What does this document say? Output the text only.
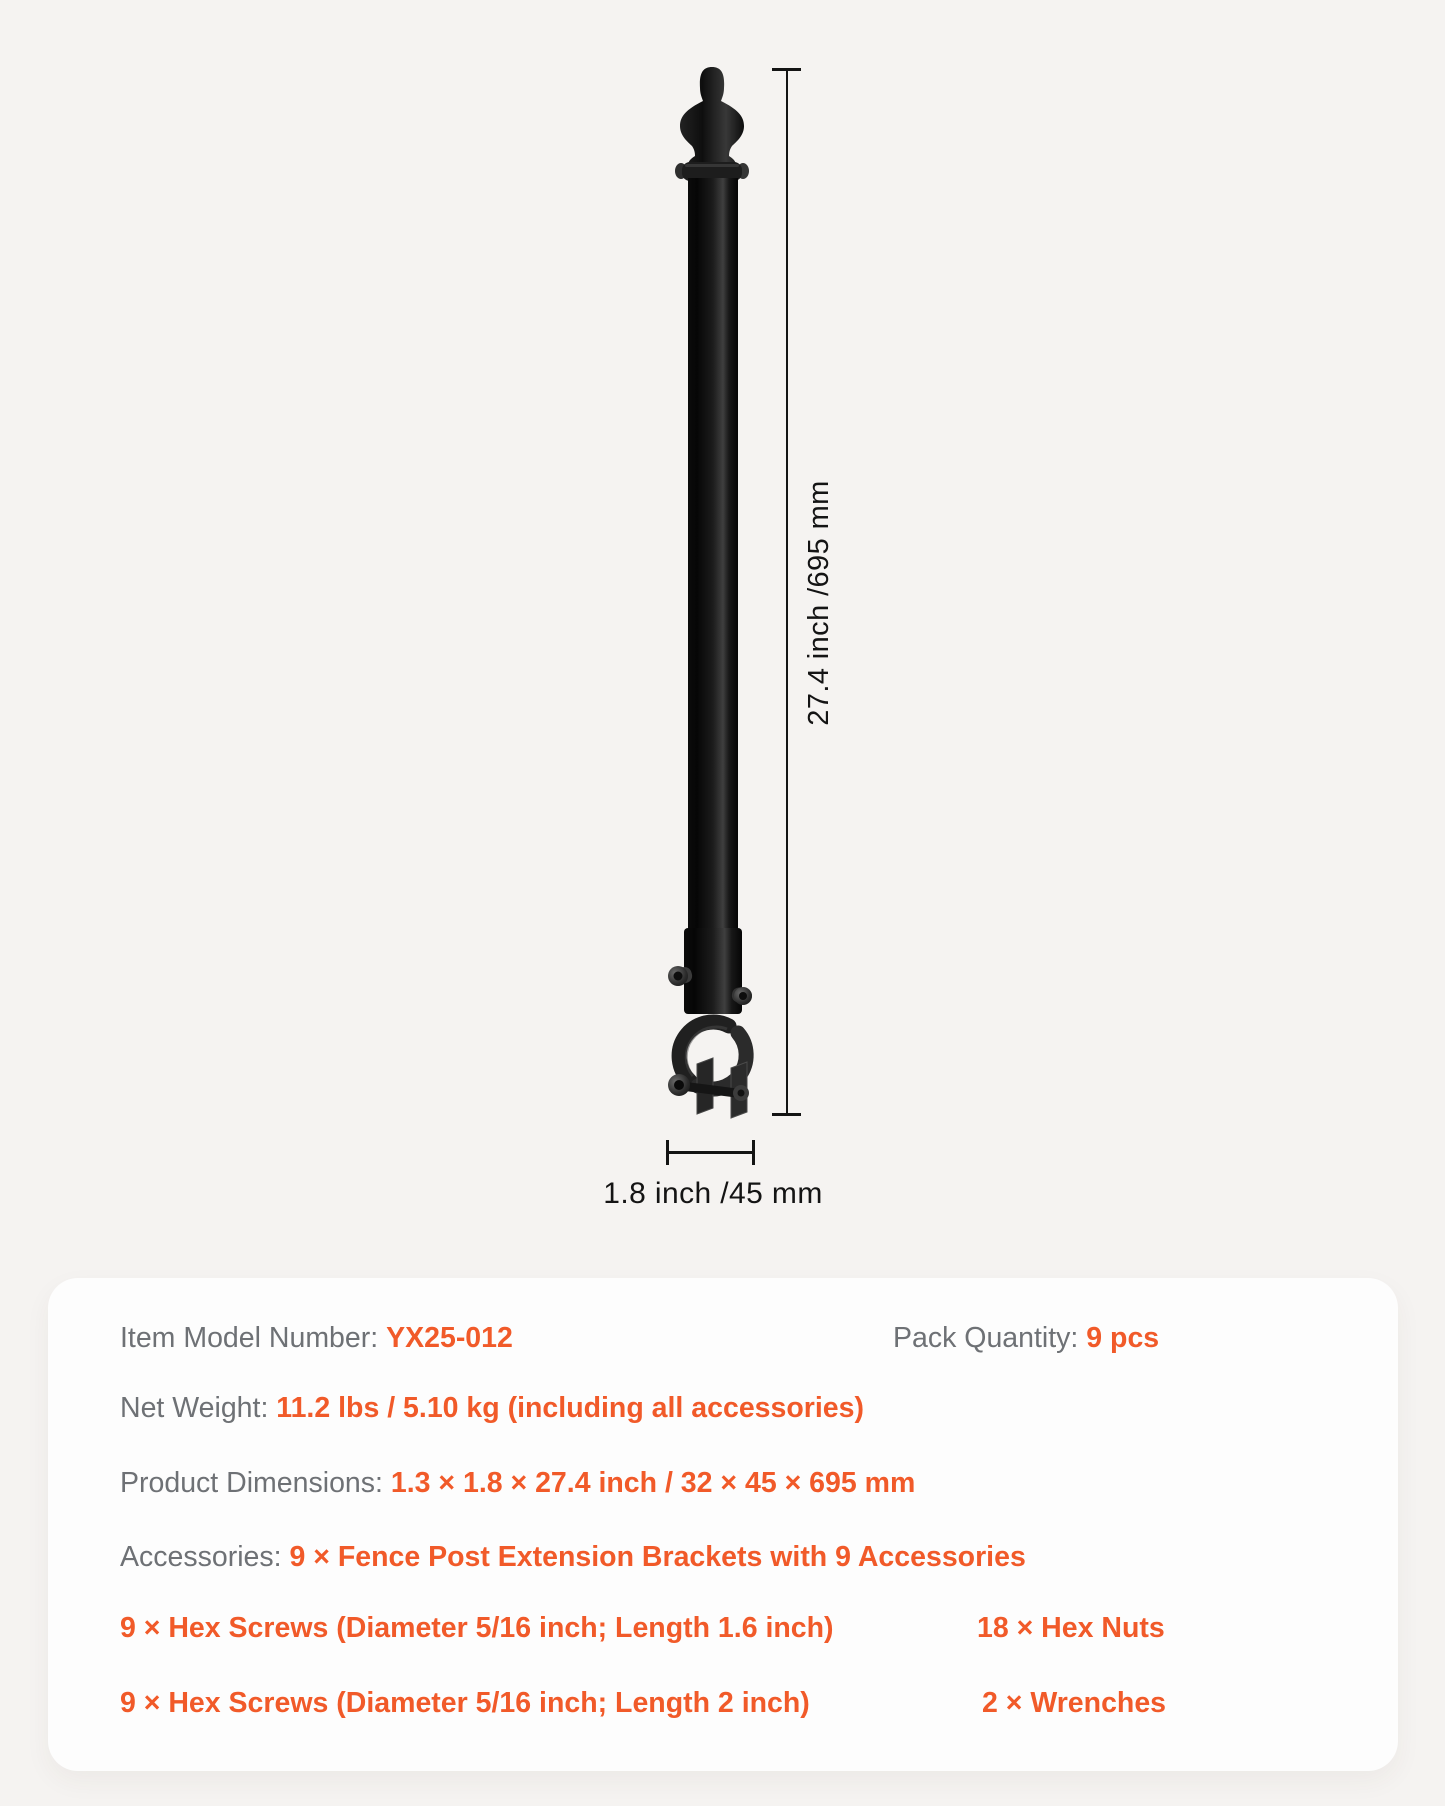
27.4 inch /695 mm
1.8 inch /45 mm
Item Model Number: YX25-012	Pack Quantity: 9 pcs
Net Weight: 11.2 lbs / 5.10 kg (including all accessories)
Product Dimensions: 1.3 × 1.8 × 27.4 inch / 32 × 45 × 695 mm
Accessories: 9 × Fence Post Extension Brackets with 9 Accessories
9 × Hex Screws (Diameter 5/16 inch; Length 1.6 inch)	18 × Hex Nuts
9 × Hex Screws (Diameter 5/16 inch; Length 2 inch)	2 × Wrenches
